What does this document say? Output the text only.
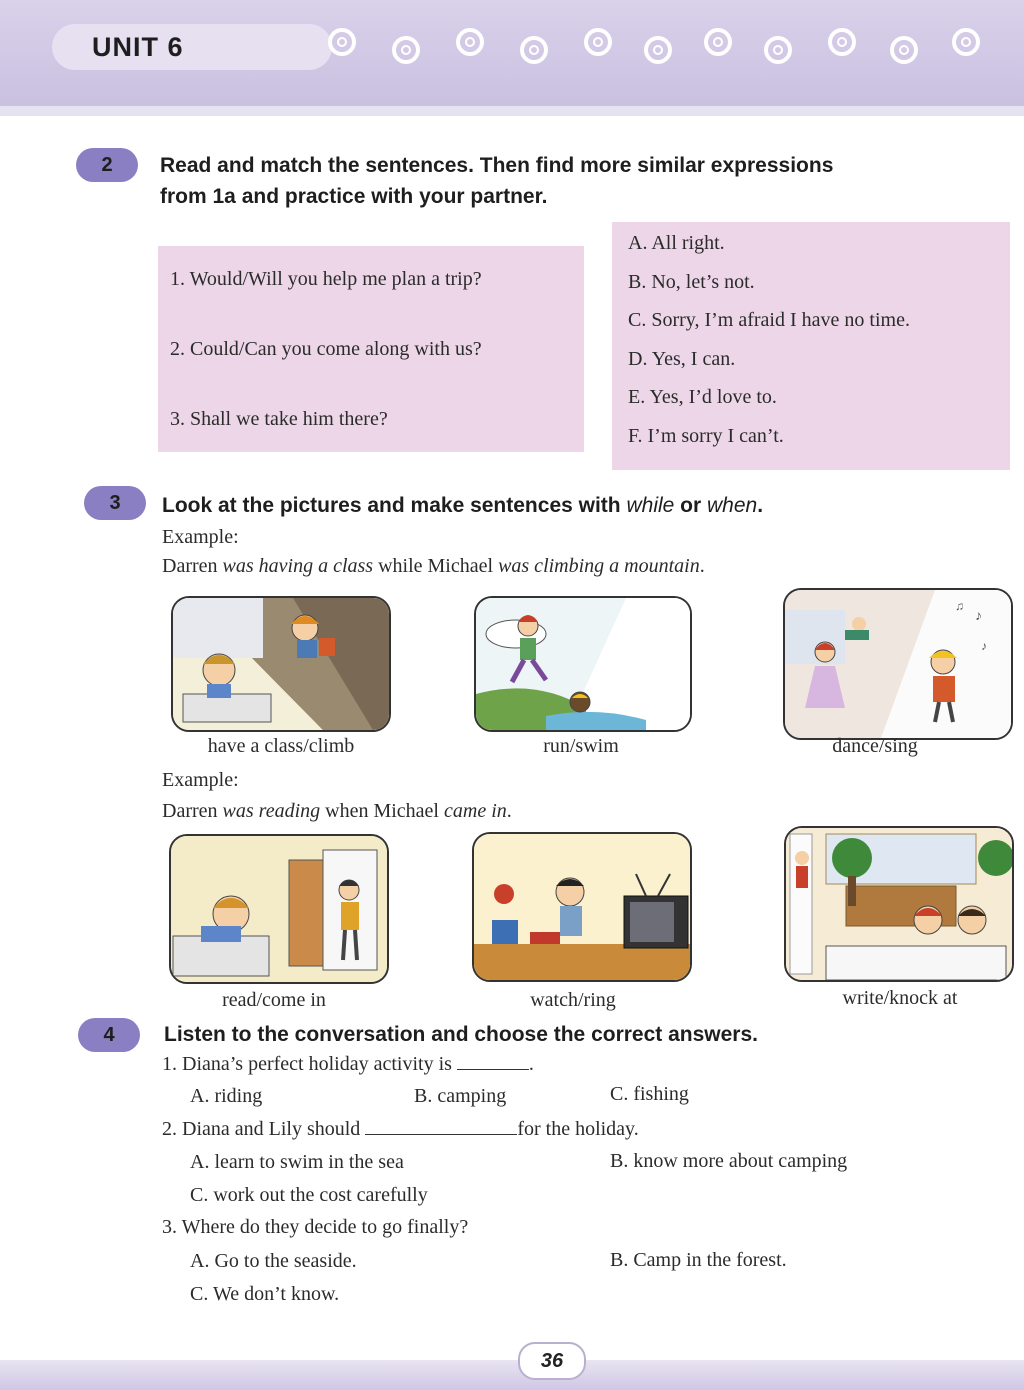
UNIT 6
2	Read and match the sentences. Then find more similar expressions
from 1a and practice with your partner.
1. Would/Will you help me plan a trip?
2. Could/Can you come along with us?
3. Shall we take him there?
A. All right.
B. No, let’s not.
C. Sorry, I’m afraid I have no time.
D. Yes, I can.
E. Yes, I’d love to.
F. I’m sorry I can’t.
3	Look at the pictures and make sentences with while or when.
Example:
Darren was having a class while Michael was climbing a mountain.
♪
♫
♪
have a class/climb	run/swim	dance/sing
Example:
Darren was reading when Michael came in.
read/come in	watch/ring	write/knock at
4	Listen to the conversation and choose the correct answers.
1. Diana’s perfect holiday activity is	.
A. riding	B. camping	C. fishing
2. Diana and Lily should	for the holiday.
A. learn to swim in the sea	B. know more about camping
C. work out the cost carefully
3. Where do they decide to go finally?
A. Go to the seaside.	B. Camp in the forest.
C. We don’t know.
36
